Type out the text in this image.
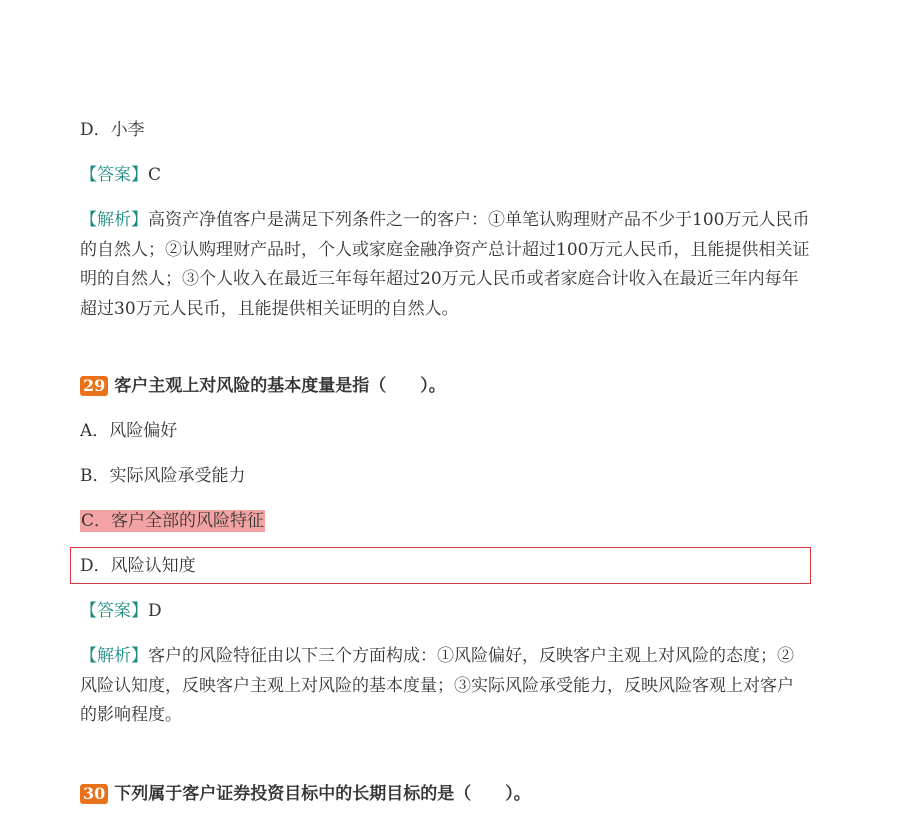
D．小李
【答案】C
【解析】高资产净值客户是满足下列条件之一的客户：①单笔认购理财产品不少于100万元人民币的自然人；②认购理财产品时，个人或家庭金融净资产总计超过100万元人民币，且能提供相关证明的自然人；③个人收入在最近三年每年超过20万元人民币或者家庭合计收入在最近三年内每年超过30万元人民币，且能提供相关证明的自然人。
29 客户主观上对风险的基本度量是指（　　）。
A．风险偏好
B．实际风险承受能力
C．客户全部的风险特征
D．风险认知度
【答案】D
【解析】客户的风险特征由以下三个方面构成：①风险偏好，反映客户主观上对风险的态度；②风险认知度，反映客户主观上对风险的基本度量；③实际风险承受能力，反映风险客观上对客户的影响程度。
30 下列属于客户证券投资目标中的长期目标的是（　　）。
